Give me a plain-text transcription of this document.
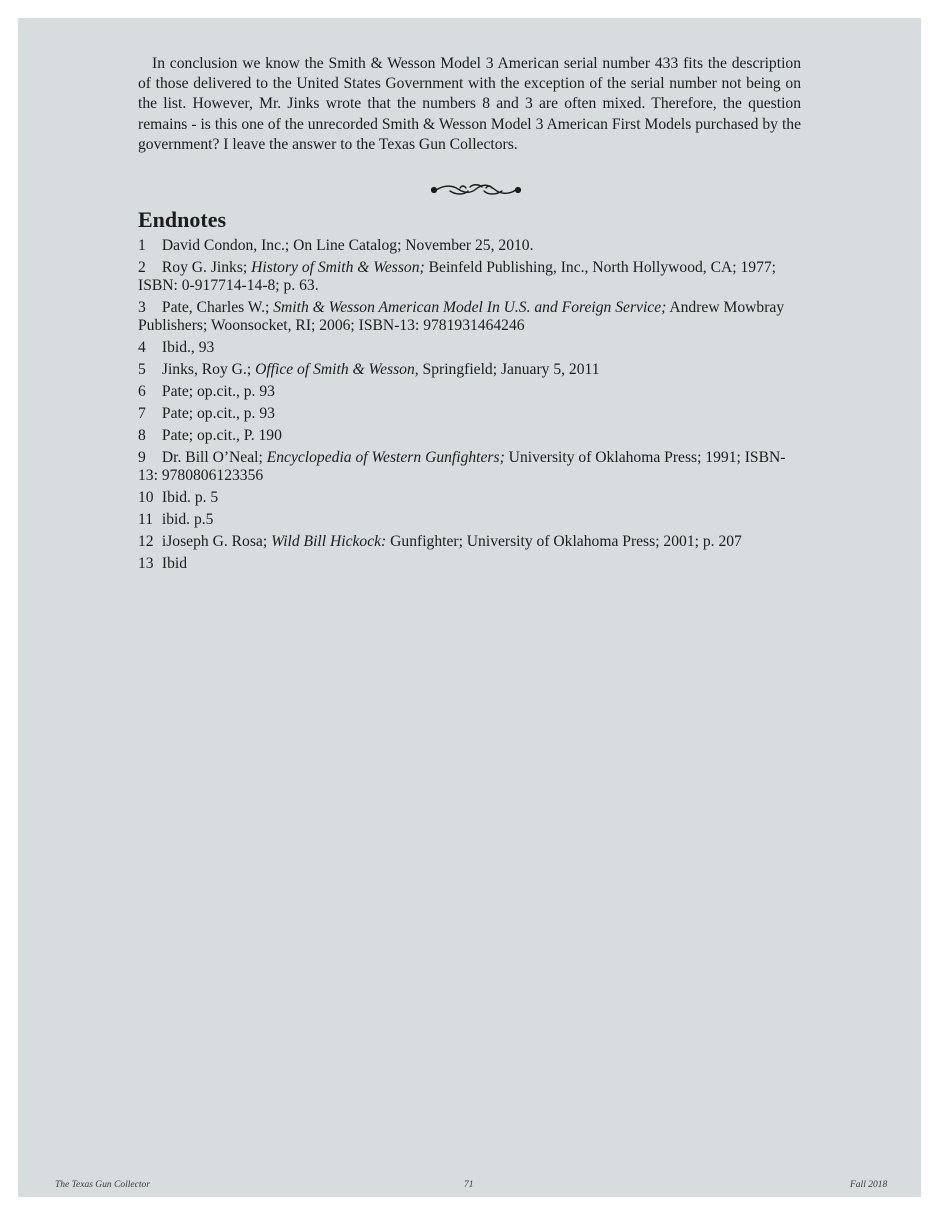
In conclusion we know the Smith & Wesson Model 3 American serial number 433 fits the description of those delivered to the United States Government with the exception of the serial number not being on the list. However, Mr. Jinks wrote that the numbers 8 and 3 are often mixed. Therefore, the question remains - is this one of the unrecorded Smith & Wesson Model 3 American First Models purchased by the government? I leave the answer to the Texas Gun Collectors.

Endnotes
1 David Condon, Inc.; On Line Catalog; November 25, 2010.
2 Roy G. Jinks; History of Smith & Wesson; Beinfeld Publishing, Inc., North Hollywood, CA; 1977; ISBN: 0-917714-14-8; p. 63.
3 Pate, Charles W.; Smith & Wesson American Model In U.S. and Foreign Service; Andrew Mowbray Publishers; Woonsocket, RI; 2006; ISBN-13: 9781931464246
4 Ibid., 93
5 Jinks, Roy G.; Office of Smith & Wesson, Springfield; January 5, 2011
6 Pate; op.cit., p. 93
7 Pate; op.cit., p. 93
8 Pate; op.cit., P. 190
9 Dr. Bill O’Neal; Encyclopedia of Western Gunfighters; University of Oklahoma Press; 1991; ISBN-13: 9780806123356
10 Ibid. p. 5
11 ibid. p.5
12 iJoseph G. Rosa; Wild Bill Hickock: Gunfighter; University of Oklahoma Press; 2001; p. 207
13 Ibid
The Texas Gun Collector	71	Fall 2018
